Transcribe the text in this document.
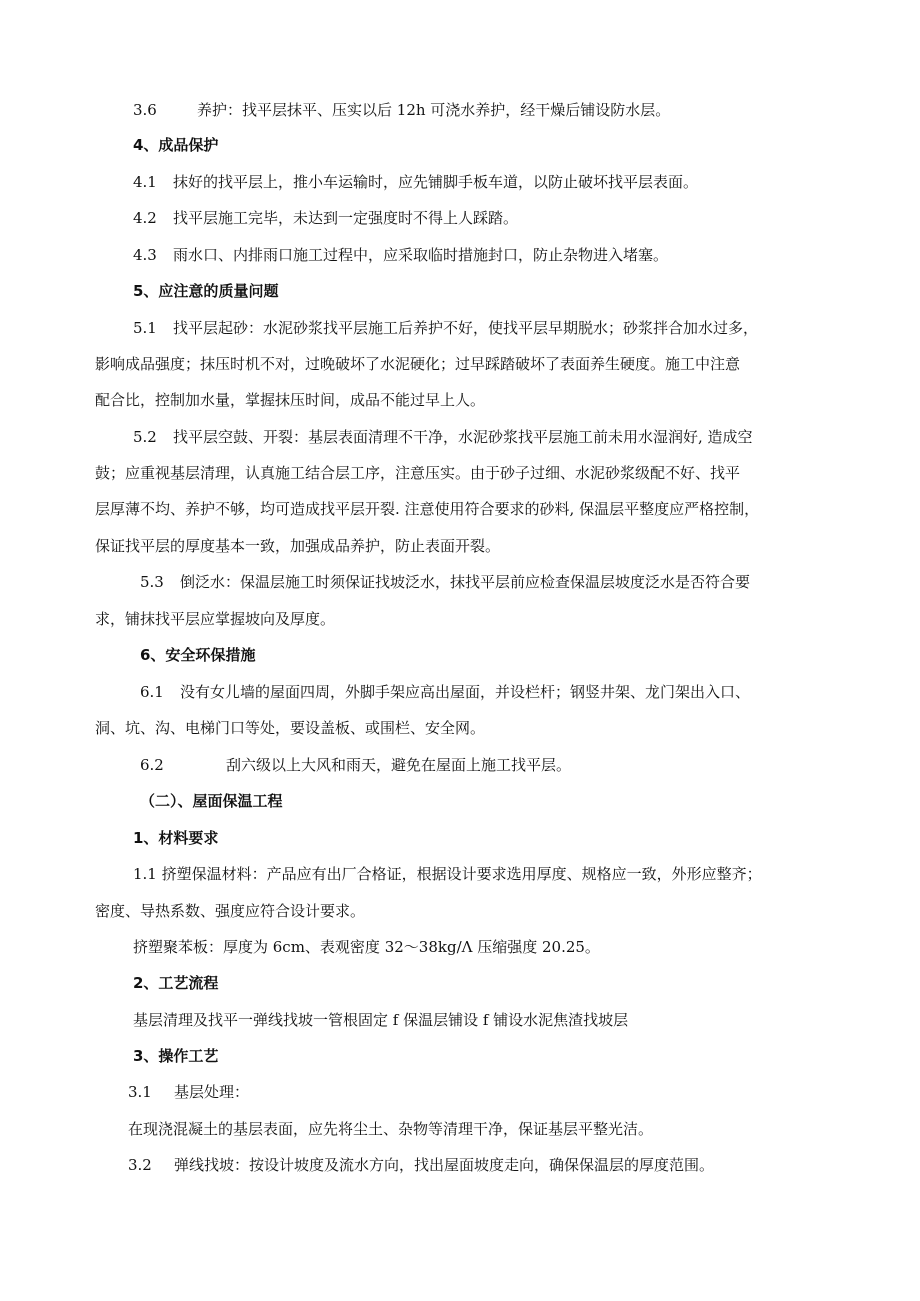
3.6	养护：找平层抹平、压实以后 12h 可浇水养护，经干燥后铺设防水层。
4、成品保护
4.1 抹好的找平层上，推小车运输时，应先铺脚手板车道，以防止破坏找平层表面。
4.2 找平层施工完毕，未达到一定强度时不得上人踩踏。
4.3 雨水口、内排雨口施工过程中，应采取临时措施封口，防止杂物进入堵塞。
5、应注意的质量问题
5.1 找平层起砂：水泥砂浆找平层施工后养护不好，使找平层早期脱水；砂浆拌合加水过多，
影响成品强度；抹压时机不对，过晚破坏了水泥硬化；过早踩踏破坏了表面养生硬度。施工中注意
配合比，控制加水量，掌握抹压时间，成品不能过早上人。
5.2 找平层空鼓、开裂：基层表面清理不干净，水泥砂浆找平层施工前未用水湿润好, 造成空
鼓；应重视基层清理，认真施工结合层工序，注意压实。由于砂子过细、水泥砂浆级配不好、找平
层厚薄不均、养护不够，均可造成找平层开裂. 注意使用符合要求的砂料, 保温层平整度应严格控制，
保证找平层的厚度基本一致，加强成品养护，防止表面开裂。
5.3 倒泛水：保温层施工时须保证找坡泛水，抹找平层前应检查保温层坡度泛水是否符合要
求，铺抹找平层应掌握坡向及厚度。
6、安全环保措施
6.1 没有女儿墙的屋面四周，外脚手架应高出屋面，并设栏杆；钢竖井架、龙门架出入口、
洞、坑、沟、电梯门口等处，要设盖板、或围栏、安全网。
6.2	刮六级以上大风和雨天，避免在屋面上施工找平层。
（二）、屋面保温工程
1、材料要求
1.1 挤塑保温材料：产品应有出厂合格证，根据设计要求选用厚度、规格应一致，外形应整齐；
密度、导热系数、强度应符合设计要求。
挤塑聚苯板：厚度为 6cm、表观密度 32～38kg/Λ 压缩强度 20.25。
2、工艺流程
基层清理及找平一弹线找坡一管根固定 f 保温层铺设 f 铺设水泥焦渣找坡层
3、操作工艺
3.1 基层处理：
在现浇混凝土的基层表面，应先将尘土、杂物等清理干净，保证基层平整光洁。
3.2 弹线找坡：按设计坡度及流水方向，找出屋面坡度走向，确保保温层的厚度范围。
